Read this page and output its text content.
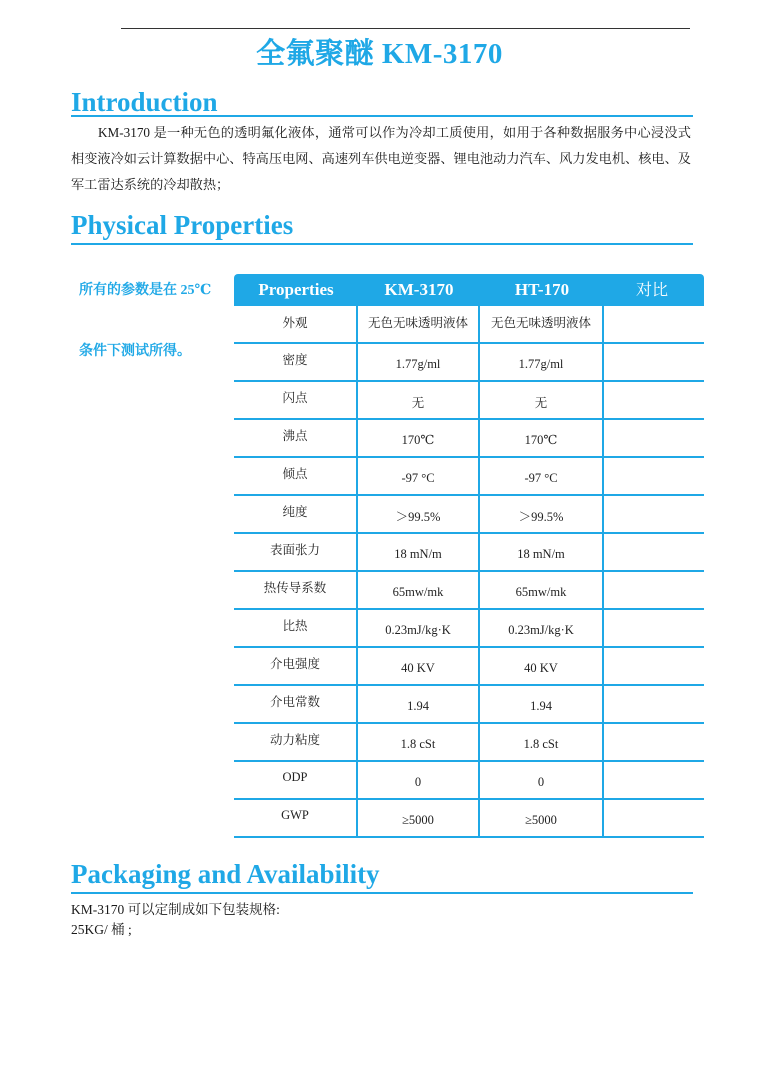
全氟聚醚 KM-3170
Introduction

KM-3170 是一种无色的透明氟化液体，通常可以作为冷却工质使用，如用于各种数据服务中心浸没式相变液冷如云计算数据中心、特高压电网、高速列车供电逆变器、锂电池动力汽车、风力发电机、核电、及军工雷达系统的冷却散热；

Physical Properties

所有的参数是在 25℃

条件下测试所得。

Properties	KM-3170	HT-170	对比
外观	无色无味透明液体 无色无味透明液体
密度	1.77g/ml	1.77g/ml
闪点	无	无
沸点	170℃	170℃
倾点	-97 °C	-97 °C
纯度	＞99.5%	＞99.5%
表面张力	18 mN/m	18 mN/m
热传导系数	65mw/mk	65mw/mk
比热	0.23mJ/kg·K	0.23mJ/kg·K
介电强度	40 KV	40 KV
介电常数	1.94	1.94
动力粘度	1.8 cSt	1.8 cSt
ODP	0	0
GWP	≥5000	≥5000
Packaging and Availability

KM-3170 可以定制成如下包装规格:

25KG/ 桶 ;
